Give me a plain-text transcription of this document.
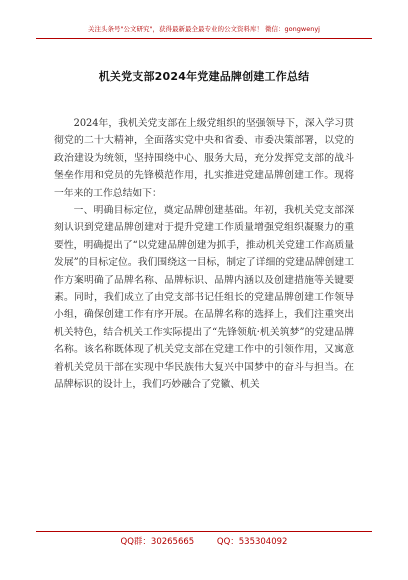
关注头条号"公文研究"，获得最新最全最专业的公文资料库！ 微信：gongwenyj
机关党支部2024年党建品牌创建工作总结

2024年，我机关党支部在上级党组织的坚强领导下，深入学习贯彻党的二十大精神，全面落实党中央和省委、市委决策部署，以党的政治建设为统领，坚持围绕中心、服务大局，充分发挥党支部的战斗堡垒作用和党员的先锋模范作用，扎实推进党建品牌创建工作。现将一年来的工作总结如下：

一、明确目标定位，奠定品牌创建基础。年初，我机关党支部深刻认识到党建品牌创建对于提升党建工作质量增强党组织凝聚力的重要性，明确提出了“以党建品牌创建为抓手，推动机关党建工作高质量发展”的目标定位。我们围绕这一目标，制定了详细的党建品牌创建工作方案明确了品牌名称、品牌标识、品牌内涵以及创建措施等关键要素。同时，我们成立了由党支部书记任组长的党建品牌创建工作领导小组，确保创建工作有序开展。在品牌名称的选择上，我们注重突出机关特色，结合机关工作实际提出了“先锋领航·机关筑梦”的党建品牌名称。该名称既体现了机关党支部在党建工作中的引领作用，又寓意着机关党员干部在实现中华民族伟大复兴中国梦中的奋斗与担当。在品牌标识的设计上，我们巧妙融合了党徽、机关

QQ群：30265665	QQ：535304092
